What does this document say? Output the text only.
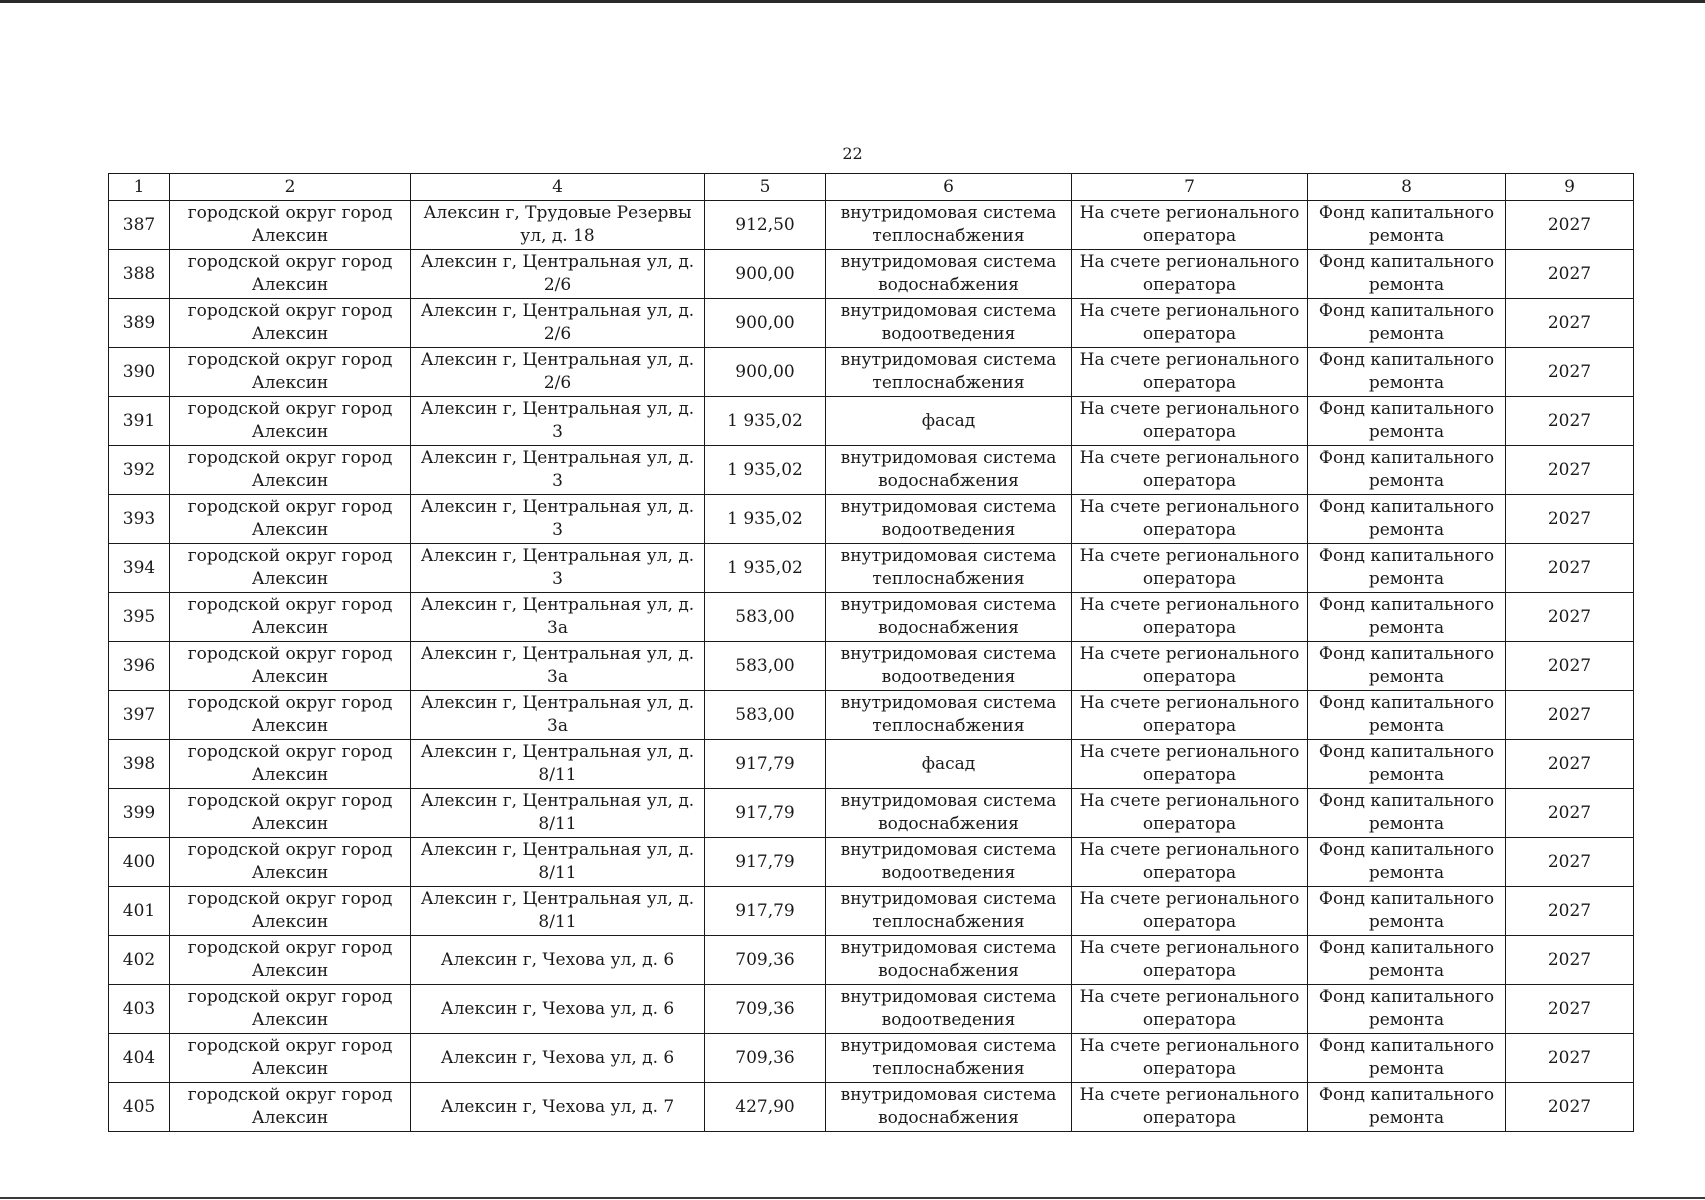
22
1	2	4	5	6	7	8	9
387	городской округ город Алексин	Алексин г, Трудовые Резервы ул, д. 18	912,50	внутридомовая система теплоснабжения	На счете регионального оператора	Фонд капитального ремонта	2027
388	городской округ город Алексин	Алексин г, Центральная ул, д. 2/6	900,00	внутридомовая система водоснабжения	На счете регионального оператора	Фонд капитального ремонта	2027
389	городской округ город Алексин	Алексин г, Центральная ул, д. 2/6	900,00	внутридомовая система водоотведения	На счете регионального оператора	Фонд капитального ремонта	2027
390	городской округ город Алексин	Алексин г, Центральная ул, д. 2/6	900,00	внутридомовая система теплоснабжения	На счете регионального оператора	Фонд капитального ремонта	2027
391	городской округ город Алексин	Алексин г, Центральная ул, д. 3	1 935,02	фасад	На счете регионального оператора	Фонд капитального ремонта	2027
392	городской округ город Алексин	Алексин г, Центральная ул, д. 3	1 935,02	внутридомовая система водоснабжения	На счете регионального оператора	Фонд капитального ремонта	2027
393	городской округ город Алексин	Алексин г, Центральная ул, д. 3	1 935,02	внутридомовая система водоотведения	На счете регионального оператора	Фонд капитального ремонта	2027
394	городской округ город Алексин	Алексин г, Центральная ул, д. 3	1 935,02	внутридомовая система теплоснабжения	На счете регионального оператора	Фонд капитального ремонта	2027
395	городской округ город Алексин	Алексин г, Центральная ул, д. 3а	583,00	внутридомовая система водоснабжения	На счете регионального оператора	Фонд капитального ремонта	2027
396	городской округ город Алексин	Алексин г, Центральная ул, д. 3а	583,00	внутридомовая система водоотведения	На счете регионального оператора	Фонд капитального ремонта	2027
397	городской округ город Алексин	Алексин г, Центральная ул, д. 3а	583,00	внутридомовая система теплоснабжения	На счете регионального оператора	Фонд капитального ремонта	2027
398	городской округ город Алексин	Алексин г, Центральная ул, д. 8/11	917,79	фасад	На счете регионального оператора	Фонд капитального ремонта	2027
399	городской округ город Алексин	Алексин г, Центральная ул, д. 8/11	917,79	внутридомовая система водоснабжения	На счете регионального оператора	Фонд капитального ремонта	2027
400	городской округ город Алексин	Алексин г, Центральная ул, д. 8/11	917,79	внутридомовая система водоотведения	На счете регионального оператора	Фонд капитального ремонта	2027
401	городской округ город Алексин	Алексин г, Центральная ул, д. 8/11	917,79	внутридомовая система теплоснабжения	На счете регионального оператора	Фонд капитального ремонта	2027
402	городской округ город Алексин	Алексин г, Чехова ул, д. 6	709,36	внутридомовая система водоснабжения	На счете регионального оператора	Фонд капитального ремонта	2027
403	городской округ город Алексин	Алексин г, Чехова ул, д. 6	709,36	внутридомовая система водоотведения	На счете регионального оператора	Фонд капитального ремонта	2027
404	городской округ город Алексин	Алексин г, Чехова ул, д. 6	709,36	внутридомовая система теплоснабжения	На счете регионального оператора	Фонд капитального ремонта	2027
405	городской округ город Алексин	Алексин г, Чехова ул, д. 7	427,90	внутридомовая система водоснабжения	На счете регионального оператора	Фонд капитального ремонта	2027
